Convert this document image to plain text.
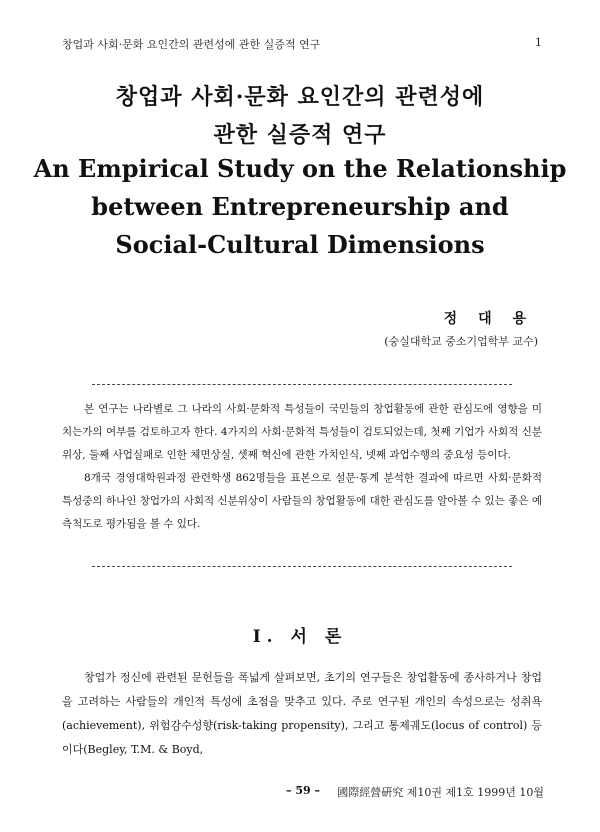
창업과 사회·문화 요인간의 관련성에 관한 실증적 연구	1
창업과 사회·문화 요인간의 관련성에
관한 실증적 연구
An Empirical Study on the Relationship
between Entrepreneurship and
Social-Cultural Dimensions
정 대 용
(숭실대학교 중소기업학부 교수)

본 연구는 나라별로 그 나라의 사회·문화적 특성들이 국민들의 창업활동에 관한 관심도에 영향을 미치는가의 여부를 검토하고자 한다. 4가지의 사회·문화적 특성들이 검토되었는데, 첫째 기업가 사회적 신분위상, 둘째 사업실패로 인한 체면상실, 셋째 혁신에 관한 가치인식, 넷째 과업수행의 중요성 등이다.

8개국 경영대학원과정 관련학생 862명들을 표본으로 설문·통계 분석한 결과에 따르면 사회·문화적 특성중의 하나인 창업가의 사회적 신분위상이 사람들의 창업활동에 대한 관심도를 알아볼 수 있는 좋은 예측척도로 평가됨을 볼 수 있다.

Ⅰ. 서 론

창업가 정신에 관련된 문헌들을 폭넓게 살펴보면, 초기의 연구들은 창업활동에 종사하거나 창업을 고려하는 사람들의 개인적 특성에 초점을 맞추고 있다. 주로 연구된 개인의 속성으로는 성취욕(achievement), 위험감수성향(risk-taking propensity), 그리고 통제궤도(locus of control) 등이다(Begley, T.M. & Boyd,

– 59 – 國際經營硏究 제10권 제1호 1999년 10월
